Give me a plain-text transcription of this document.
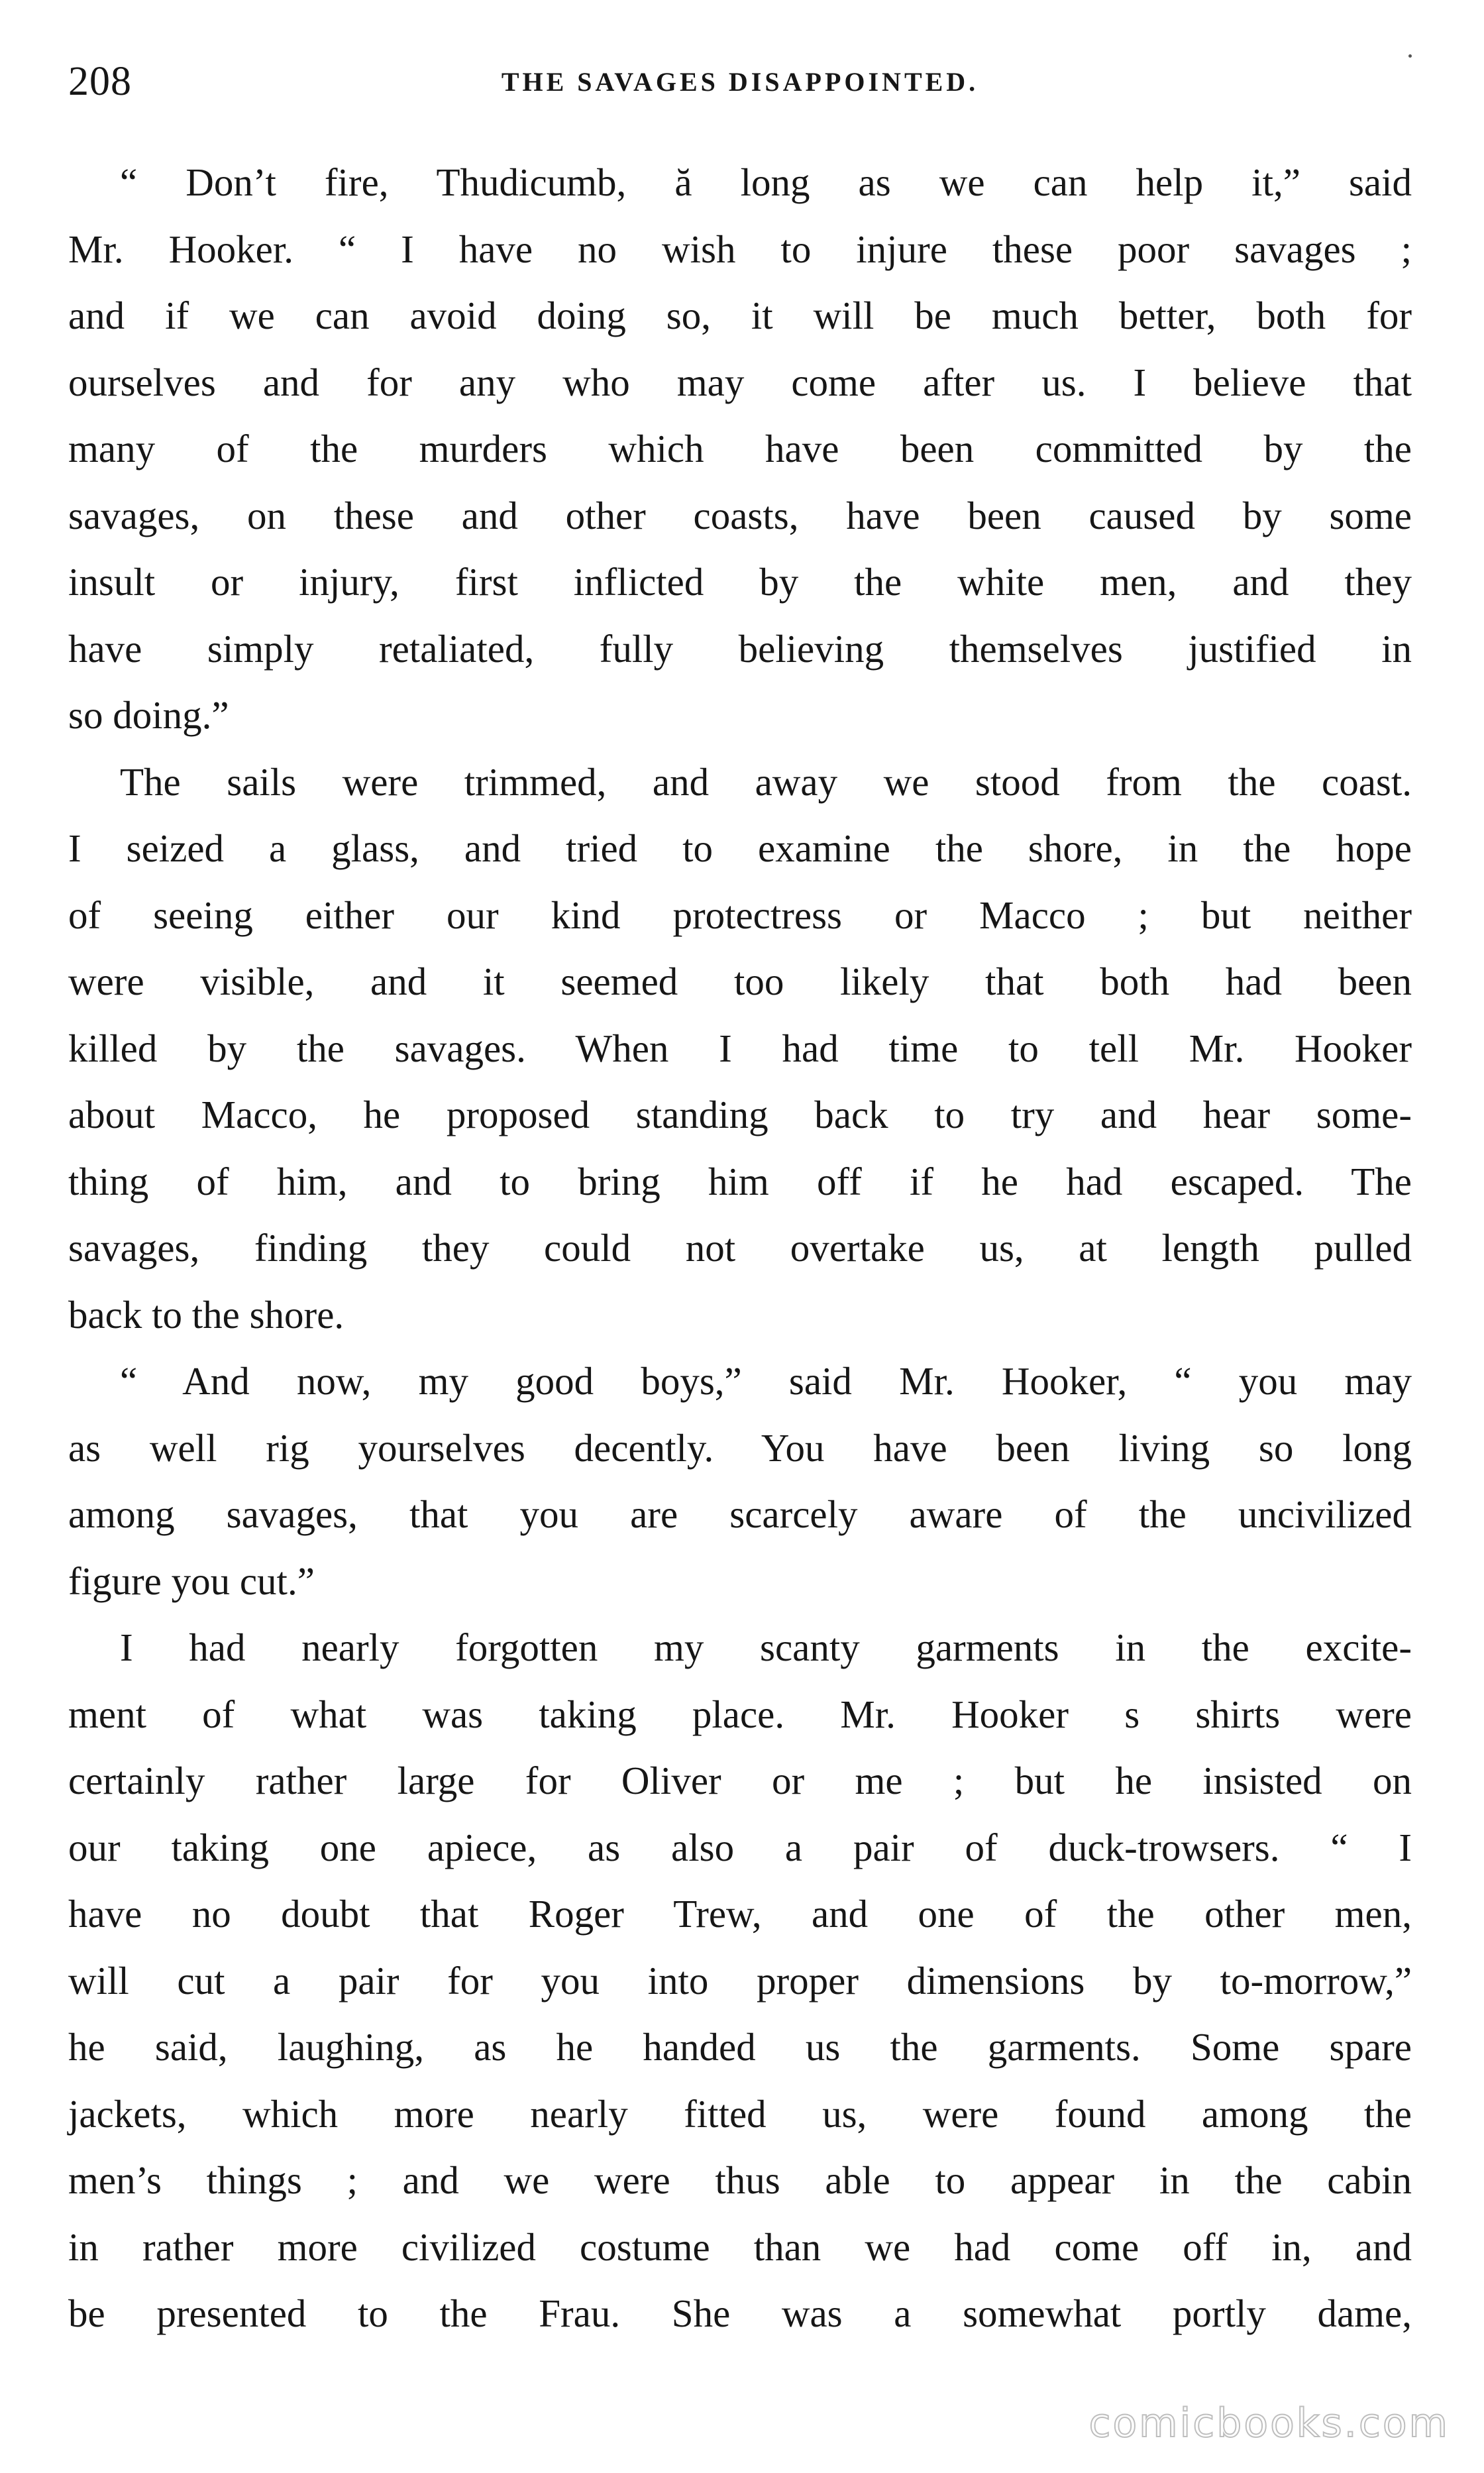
208	THE SAVAGES DISAPPOINTED.
“ Don’t fire, Thudicumb, ă long as we can help it,” said
Mr. Hooker. “ I have no wish to injure these poor savages ;
and if we can avoid doing so, it will be much better, both for
ourselves and for any who may come after us. I believe that
many of the murders which have been committed by the
savages, on these and other coasts, have been caused by some
insult or injury, first inflicted by the white men, and they
have simply retaliated, fully believing themselves justified in
so doing.”
The sails were trimmed, and away we stood from the coast.
I seized a glass, and tried to examine the shore, in the hope
of seeing either our kind protectress or Macco ; but neither
were visible, and it seemed too likely that both had been
killed by the savages. When I had time to tell Mr. Hooker
about Macco, he proposed standing back to try and hear some-
thing of him, and to bring him off if he had escaped. The
savages, finding they could not overtake us, at length pulled
back to the shore.
“ And now, my good boys,” said Mr. Hooker, “ you may
as well rig yourselves decently. You have been living so long
among savages, that you are scarcely aware of the uncivilized
figure you cut.”
I had nearly forgotten my scanty garments in the excite-
ment of what was taking place. Mr. Hooker s shirts were
certainly rather large for Oliver or me ; but he insisted on
our taking one apiece, as also a pair of duck-trowsers. “ I
have no doubt that Roger Trew, and one of the other men,
will cut a pair for you into proper dimensions by to-morrow,”
he said, laughing, as he handed us the garments. Some spare
jackets, which more nearly fitted us, were found among the
men’s things ; and we were thus able to appear in the cabin
in rather more civilized costume than we had come off in, and
be presented to the Frau. She was a somewhat portly dame,
comicbooks.com
